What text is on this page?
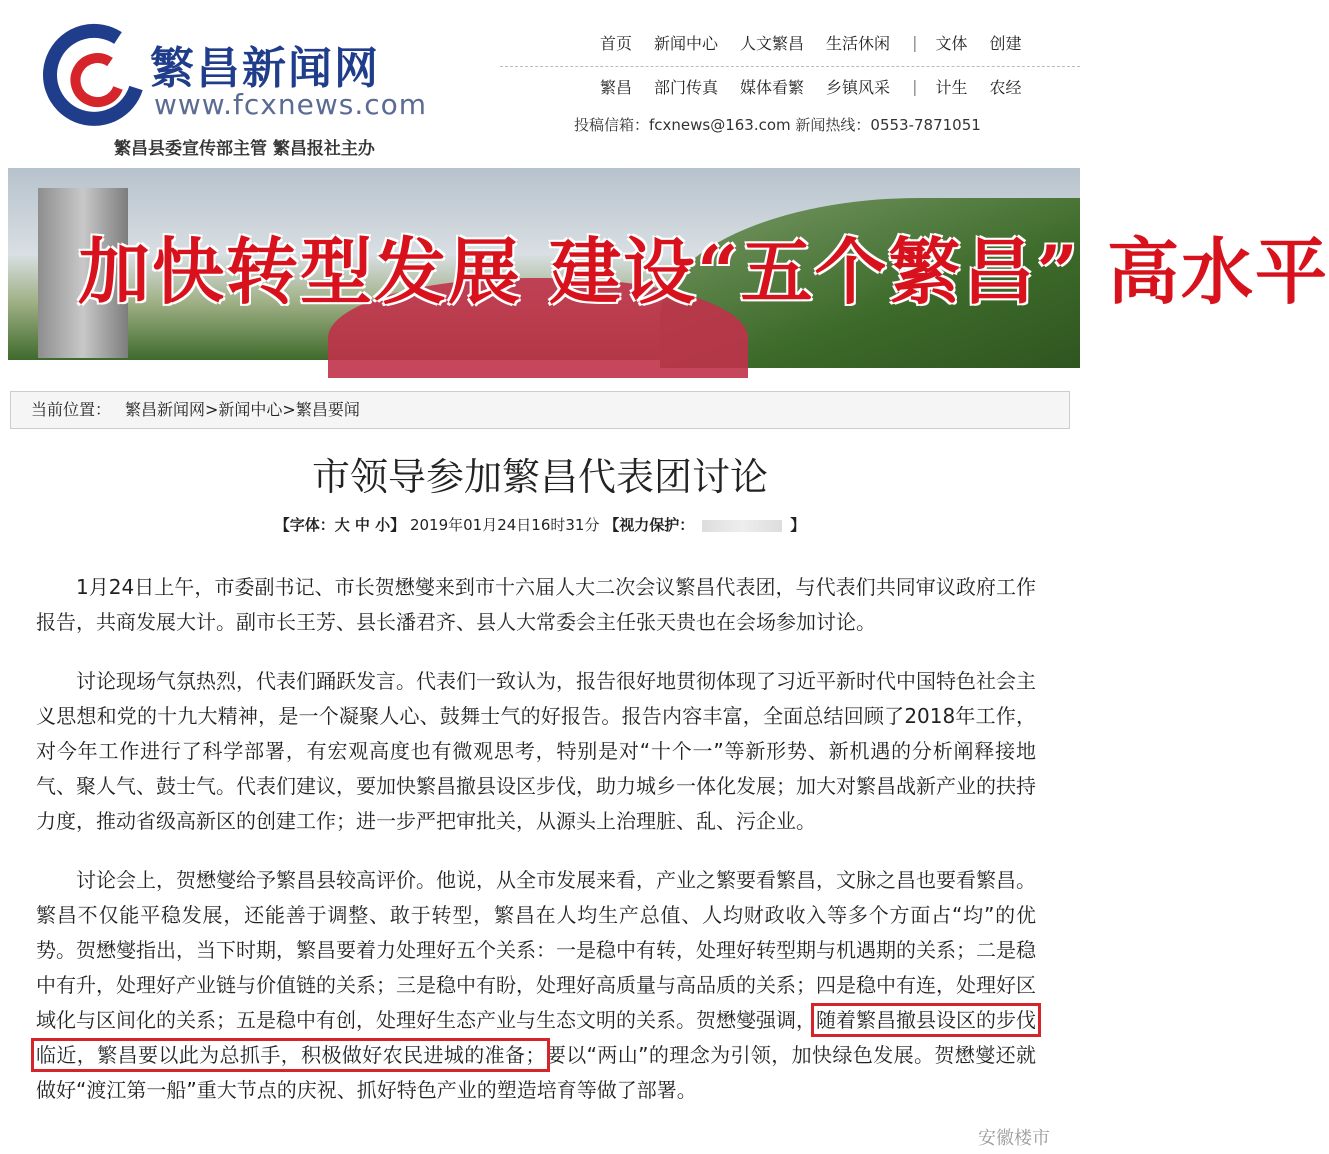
繁昌新闻网
www.fcxnews.com
繁昌县委宣传部主管 繁昌报社主办
首页 新闻中心 人文繁昌 生活休闲 | 文体 创建
繁昌 部门传真 媒体看繁 乡镇风采 | 计生 农经
投稿信箱：fcxnews@163.com 新闻热线：0553-7871051
加快转型发展 建设“五个繁昌” 高水平
当前位置： 繁昌新闻网>新闻中心>繁昌要闻
市领导参加繁昌代表团讨论
【字体：大 中 小】 2019年01月24日16时31分 【视力保护：	】

1月24日上午，市委副书记、市长贺懋燮来到市十六届人大二次会议繁昌代表团，与代表们共同审议政府工作报告，共商发展大计。副市长王芳、县长潘君齐、县人大常委会主任张天贵也在会场参加讨论。

讨论现场气氛热烈，代表们踊跃发言。代表们一致认为，报告很好地贯彻体现了习近平新时代中国特色社会主义思想和党的十九大精神，是一个凝聚人心、鼓舞士气的好报告。报告内容丰富，全面总结回顾了2018年工作，对今年工作进行了科学部署，有宏观高度也有微观思考，特别是对“十个一”等新形势、新机遇的分析阐释接地气、聚人气、鼓士气。代表们建议，要加快繁昌撤县设区步伐，助力城乡一体化发展；加大对繁昌战新产业的扶持力度，推动省级高新区的创建工作；进一步严把审批关，从源头上治理脏、乱、污企业。

讨论会上，贺懋燮给予繁昌县较高评价。他说，从全市发展来看，产业之繁要看繁昌，文脉之昌也要看繁昌。繁昌不仅能平稳发展，还能善于调整、敢于转型，繁昌在人均生产总值、人均财政收入等多个方面占“均”的优势。贺懋燮指出，当下时期，繁昌要着力处理好五个关系：一是稳中有转，处理好转型期与机遇期的关系；二是稳中有升，处理好产业链与价值链的关系；三是稳中有盼，处理好高质量与高品质的关系；四是稳中有连，处理好区域化与区间化的关系；五是稳中有创，处理好生态产业与生态文明的关系。贺懋燮强调，随着繁昌撤县设区的步伐临近，繁昌要以此为总抓手，积极做好农民进城的准备；要以“两山”的理念为引领，加快绿色发展。贺懋燮还就做好“渡江第一船”重大节点的庆祝、抓好特色产业的塑造培育等做了部署。

安徽楼市
